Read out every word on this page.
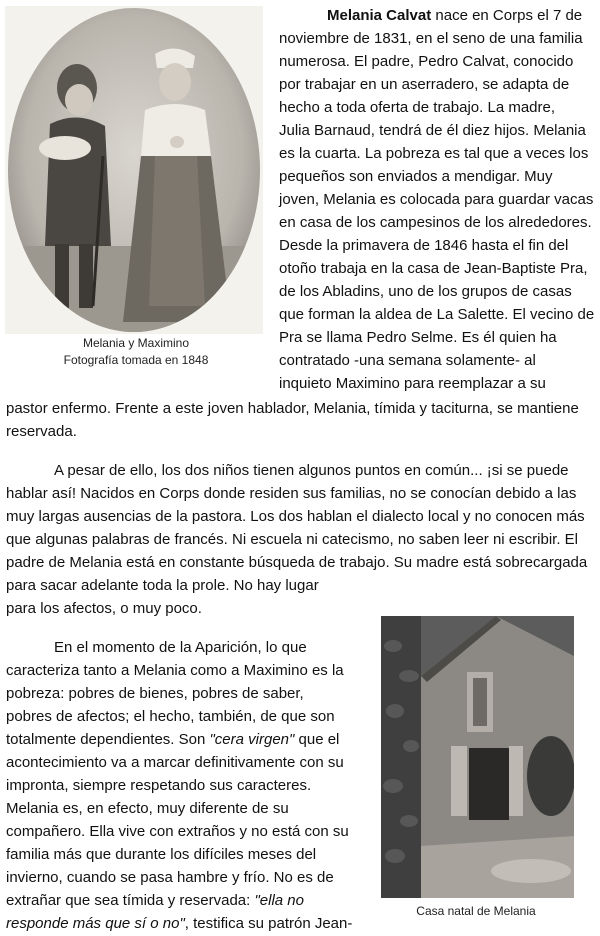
Melania y Maximino
Fotografía tomada en 1848
Melania Calvat nace en Corps el 7 de
noviembre de 1831, en el seno de una familia
numerosa. El padre, Pedro Calvat, conocido
por trabajar en un aserradero, se adapta de
hecho a toda oferta de trabajo. La madre,
Julia Barnaud, tendrá de él diez hijos. Melania
es la cuarta. La pobreza es tal que a veces los
pequeños son enviados a mendigar. Muy
joven, Melania es colocada para guardar vacas
en casa de los campesinos de los alrededores.
Desde la primavera de 1846 hasta el fin del
otoño trabaja en la casa de Jean-Baptiste Pra,
de los Abladins, uno de los grupos de casas
que forman la aldea de La Salette. El vecino de
Pra se llama Pedro Selme. Es él quien ha
contratado -una semana solamente- al
inquieto Maximino para reemplazar a su
pastor enfermo. Frente a este joven hablador, Melania, tímida y taciturna, se mantiene
reservada.
A pesar de ello, los dos niños tienen algunos puntos en común... ¡si se puede
hablar así! Nacidos en Corps donde residen sus familias, no se conocían debido a las
muy largas ausencias de la pastora. Los dos hablan el dialecto local y no conocen más
que algunas palabras de francés. Ni escuela ni catecismo, no saben leer ni escribir. El
padre de Melania está en constante búsqueda de trabajo. Su madre está sobrecargada
para sacar adelante toda la prole. No hay lugar
para los afectos, o muy poco.
En el momento de la Aparición, lo que
caracteriza tanto a Melania como a Maximino es la
pobreza: pobres de bienes, pobres de saber,
pobres de afectos; el hecho, también, de que son
totalmente dependientes. Son "cera virgen" que el
acontecimiento va a marcar definitivamente con su
impronta, siempre respetando sus caracteres.
Melania es, en efecto, muy diferente de su
compañero. Ella vive con extraños y no está con su
familia más que durante los difíciles meses del
invierno, cuando se pasa hambre y frío. No es de
extrañar que sea tímida y reservada: "ella no
responde más que sí o no", testifica su patrón Jean-
Casa natal de Melania
